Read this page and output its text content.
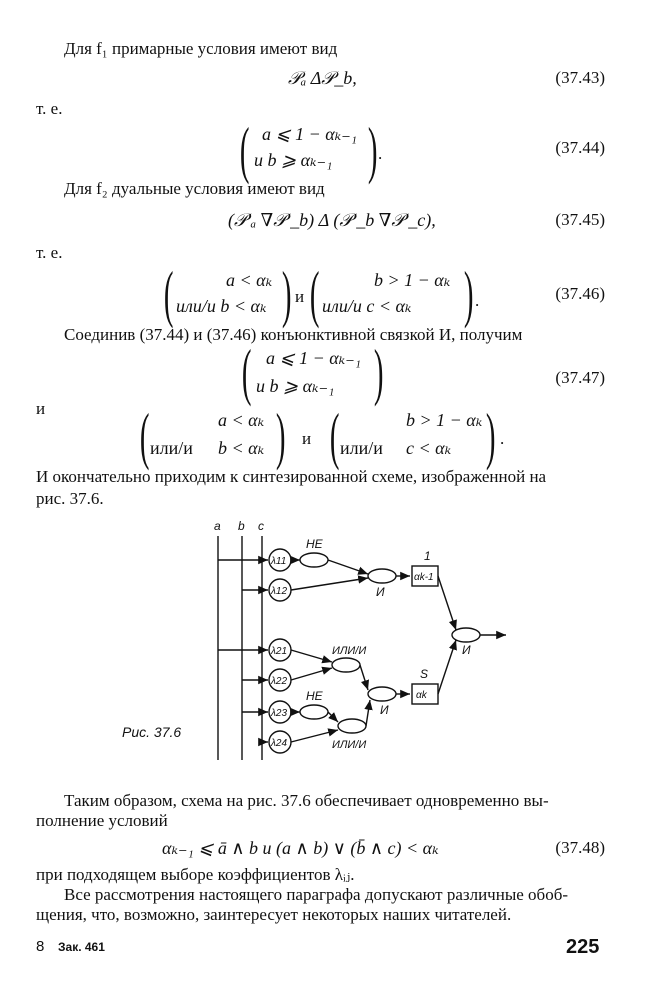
Для f₁ примарные условия имеют вид
𝒫ₐ Δ𝒫_b,	(37.43)
т. е.
( a ⩽ 1 − αₖ₋₁
и b ⩾ αₖ₋₁ ) .	(37.44)
Для f₂ дуальные условия имеют вид
(𝒫′ₐ ∇𝒫′_b) Δ (𝒫′_b ∇𝒫′_c),	(37.45)
т. е.
(	a < αₖ
или/и b < αₖ ) и (	b > 1 − αₖ
или/и c < αₖ ) .	(37.46)
Соединив (37.44) и (37.46) конъюнктивной связкой И, получим
( a ⩽ 1 − αₖ₋₁
и b ⩾ αₖ₋₁ )	(37.47)
и (	a < αₖ
или/и b < αₖ ) и (	b > 1 − αₖ
или/и c < αₖ ) .
И окончательно приходим к синтезированной схеме, изображенной на
рис. 37.6.
a b c
λ11
λ12
λ21
λ22
λ23
λ24
НЕ
И
αk-1
1
ИЛИ/И
НЕ
И
S
αk
И
ИЛИ/И
Рис. 37.6
Таким образом, схема на рис. 37.6 обеспечивает одновременно вы-
полнение условий
αₖ₋₁ ⩽ ā ∧ b и (a ∧ b) ∨ (b̄ ∧ c) < αₖ	(37.48)
при подходящем выборе коэффициентов λᵢⱼ.
Все рассмотрения настоящего параграфа допускают различные обоб-
щения, что, возможно, заинтересует некоторых наших читателей.
8 Зак. 461	225
